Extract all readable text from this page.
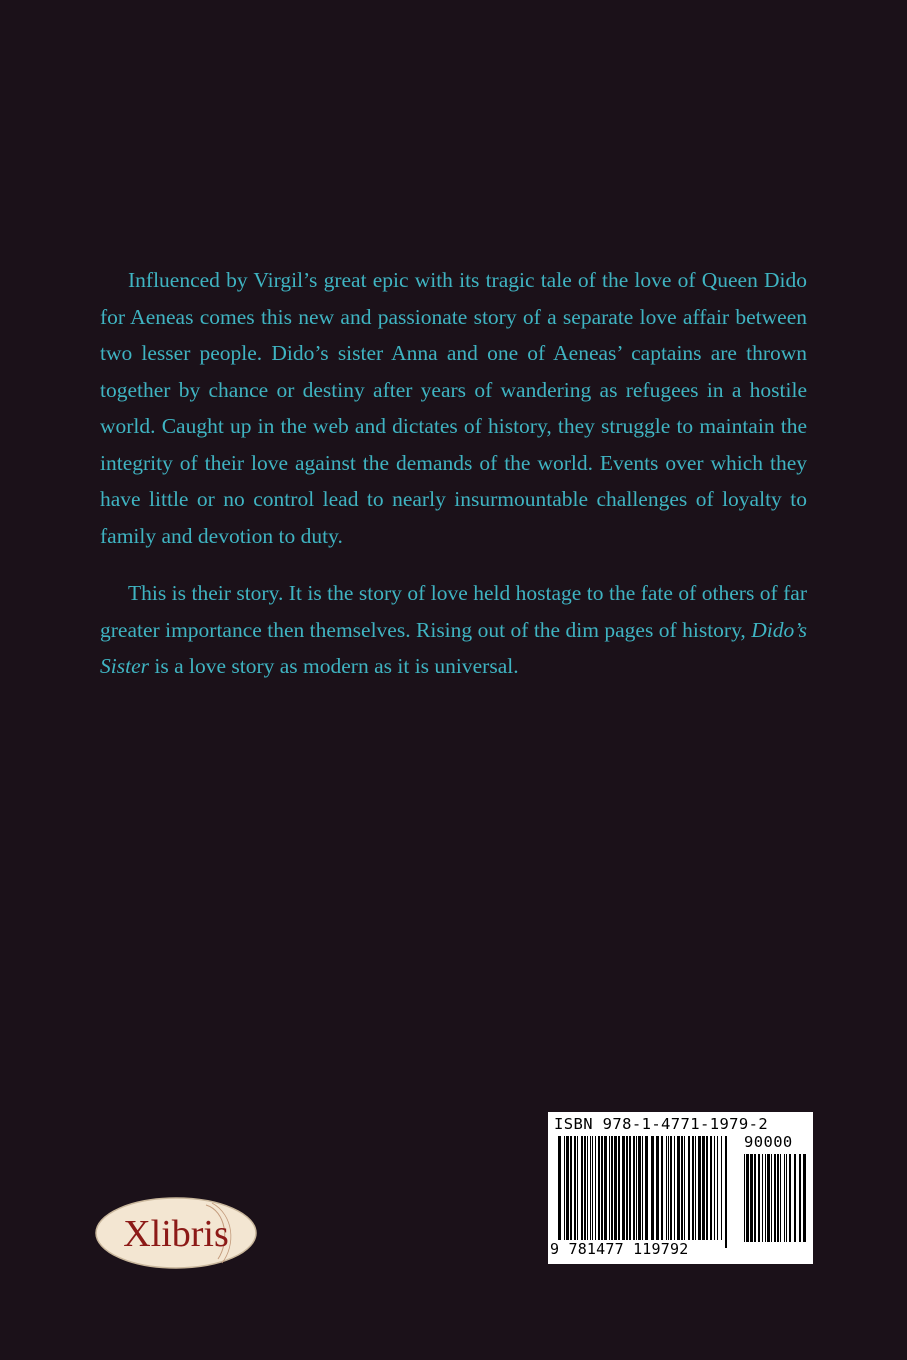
Influenced by Virgil’s great epic with its tragic tale of the love of Queen Dido for Aeneas comes this new and passionate story of a separate love affair between two lesser people. Dido’s sister Anna and one of Aeneas’ captains are thrown together by chance or destiny after years of wandering as refugees in a hostile world. Caught up in the web and dictates of history, they struggle to maintain the integrity of their love against the demands of the world. Events over which they have little or no control lead to nearly insurmountable challenges of loyalty to family and devotion to duty.

This is their story. It is the story of love held hostage to the fate of others of far greater importance then themselves. Rising out of the dim pages of history, Dido’s Sister is a love story as modern as it is universal.

Xlibris
ISBN 978-1-4771-1979-2
90000
9 781477 119792
